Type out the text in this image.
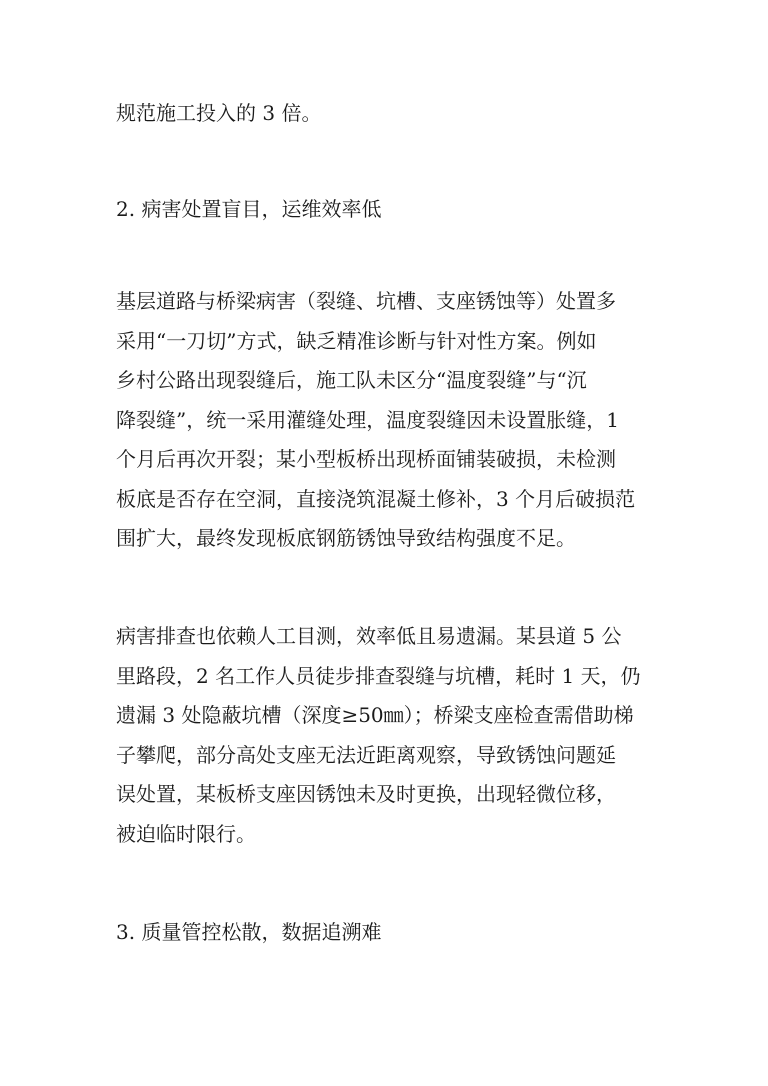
规范施工投入的 3 倍。

2. 病害处置盲目，运维效率低

基层道路与桥梁病害（裂缝、坑槽、支座锈蚀等）处置多
采用“一刀切”方式，缺乏精准诊断与针对性方案。例如
乡村公路出现裂缝后，施工队未区分“温度裂缝”与“沉
降裂缝”，统一采用灌缝处理，温度裂缝因未设置胀缝，1
个月后再次开裂；某小型板桥出现桥面铺装破损，未检测
板底是否存在空洞，直接浇筑混凝土修补，3 个月后破损范
围扩大，最终发现板底钢筋锈蚀导致结构强度不足。

病害排查也依赖人工目测，效率低且易遗漏。某县道 5 公
里路段，2 名工作人员徒步排查裂缝与坑槽，耗时 1 天，仍
遗漏 3 处隐蔽坑槽（深度≥50㎜）；桥梁支座检查需借助梯
子攀爬，部分高处支座无法近距离观察，导致锈蚀问题延
误处置，某板桥支座因锈蚀未及时更换，出现轻微位移，
被迫临时限行。

3. 质量管控松散，数据追溯难
